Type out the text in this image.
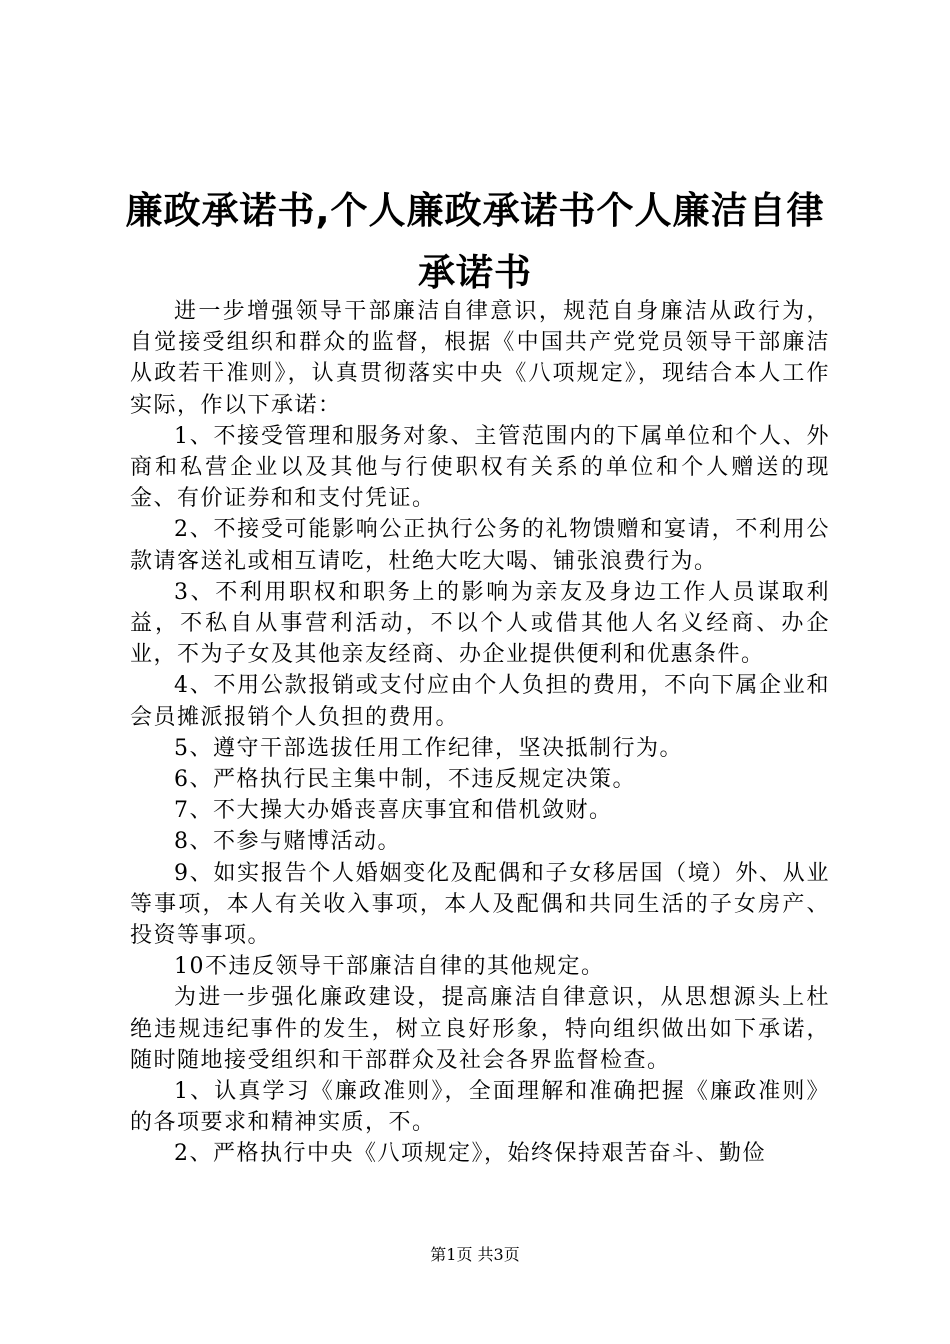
廉政承诺书,个人廉政承诺书个人廉洁自律承诺书

进一步增强领导干部廉洁自律意识，规范自身廉洁从政行为，自觉接受组织和群众的监督，根据《中国共产党党员领导干部廉洁从政若干准则》，认真贯彻落实中央《八项规定》，现结合本人工作实际，作以下承诺：

1、不接受管理和服务对象、主管范围内的下属单位和个人、外商和私营企业以及其他与行使职权有关系的单位和个人赠送的现金、有价证券和和支付凭证。

2、不接受可能影响公正执行公务的礼物馈赠和宴请，不利用公款请客送礼或相互请吃，杜绝大吃大喝、铺张浪费行为。

3、不利用职权和职务上的影响为亲友及身边工作人员谋取利益，不私自从事营利活动，不以个人或借其他人名义经商、办企业，不为子女及其他亲友经商、办企业提供便利和优惠条件。

4、不用公款报销或支付应由个人负担的费用，不向下属企业和会员摊派报销个人负担的费用。

5、遵守干部选拔任用工作纪律，坚决抵制行为。

6、严格执行民主集中制，不违反规定决策。

7、不大操大办婚丧喜庆事宜和借机敛财。

8、不参与赌博活动。

9、如实报告个人婚姻变化及配偶和子女移居国（境）外、从业等事项，本人有关收入事项，本人及配偶和共同生活的子女房产、投资等事项。

10不违反领导干部廉洁自律的其他规定。

为进一步强化廉政建设，提高廉洁自律意识，从思想源头上杜绝违规违纪事件的发生，树立良好形象，特向组织做出如下承诺，随时随地接受组织和干部群众及社会各界监督检查。

1、认真学习《廉政准则》，全面理解和准确把握《廉政准则》的各项要求和精神实质，不。

2、严格执行中央《八项规定》，始终保持艰苦奋斗、勤俭

第1页 共3页
